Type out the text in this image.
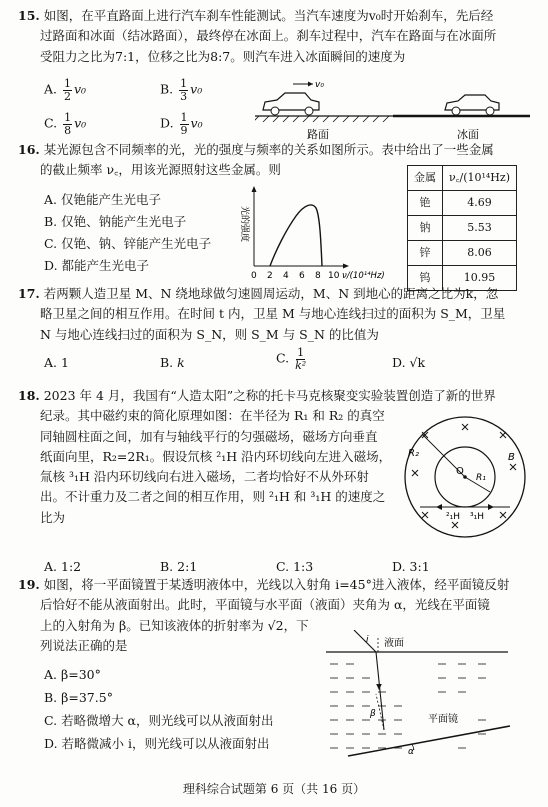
15. 如图，在平直路面上进行汽车刹车性能测试。当汽车速度为v₀时开始刹车，先后经
过路面和冰面（结冰路面），最终停在冰面上。刹车过程中，汽车在路面与在冰面所
受阻力之比为7:1，位移之比为8:7。则汽车进入冰面瞬间的速度为
A. $\frac{1}{2} v_0$	B. $\frac{1}{3} v_0$
C. $\frac{1}{8} v_0$	D. $\frac{1}{9} v_0$
v₀
路面	冰面
16. 某光源包含不同频率的光，光的强度与频率的关系如图所示。表中给出了一些金属
的截止频率 ν꜀，用该光源照射这些金属。则
A. 仅铯能产生光电子
B. 仅铯、钠能产生光电子
C. 仅铯、钠、锌能产生光电子
D. 都能产生光电子
光的强度
0 2 4 6 8 10 ν/(10¹⁴Hz)
金属	ν꜀/(10¹⁴Hz)
铯	4.69
钠	5.53
锌	8.06
钨	10.95
17. 若两颗人造卫星 M、N 绕地球做匀速圆周运动，M、N 到地心的距离之比为k，忽
略卫星之间的相互作用。在时间 t 内，卫星 M 与地心连线扫过的面积为 S_M，卫星
N 与地心连线扫过的面积为 S_N，则 S_M 与 S_N 的比值为
A. 1	B. k	C. $\frac{1}{\text{k²}}$	D. √k
18. 2023 年 4 月，我国有“人造太阳”之称的托卡马克核聚变实验装置创造了新的世界
纪录。其中磁约束的简化原理如图：在半径为 R₁ 和 R₂ 的真空
同轴圆柱面之间，加有与轴线平行的匀强磁场，磁场方向垂直
纸面向里，R₂=2R₁。假设氘核 ²₁H 沿内环切线向左进入磁场，
氚核 ³₁H 沿内环切线向右进入磁场，二者均恰好不从外环射
出。不计重力及二者之间的相互作用，则 ²₁H 和 ³₁H 的速度之
比为
A. 1:2	B. 2:1	C. 1:3	D. 3:1
R₂
R₁
O
B
²₁H ³₁H
19. 如图，将一平面镜置于某透明液体中，光线以入射角 i=45°进入液体，经平面镜反射
后恰好不能从液面射出。此时，平面镜与水平面（液面）夹角为 α，光线在平面镜
上的入射角为 β。已知该液体的折射率为 √2，下
列说法正确的是
A. β=30°
B. β=37.5°
C. 若略微增大 α，则光线可以从液面射出
D. 若略微减小 i，则光线可以从液面射出
液面
i
β	平面镜
α
理科综合试题第 6 页（共 16 页）
